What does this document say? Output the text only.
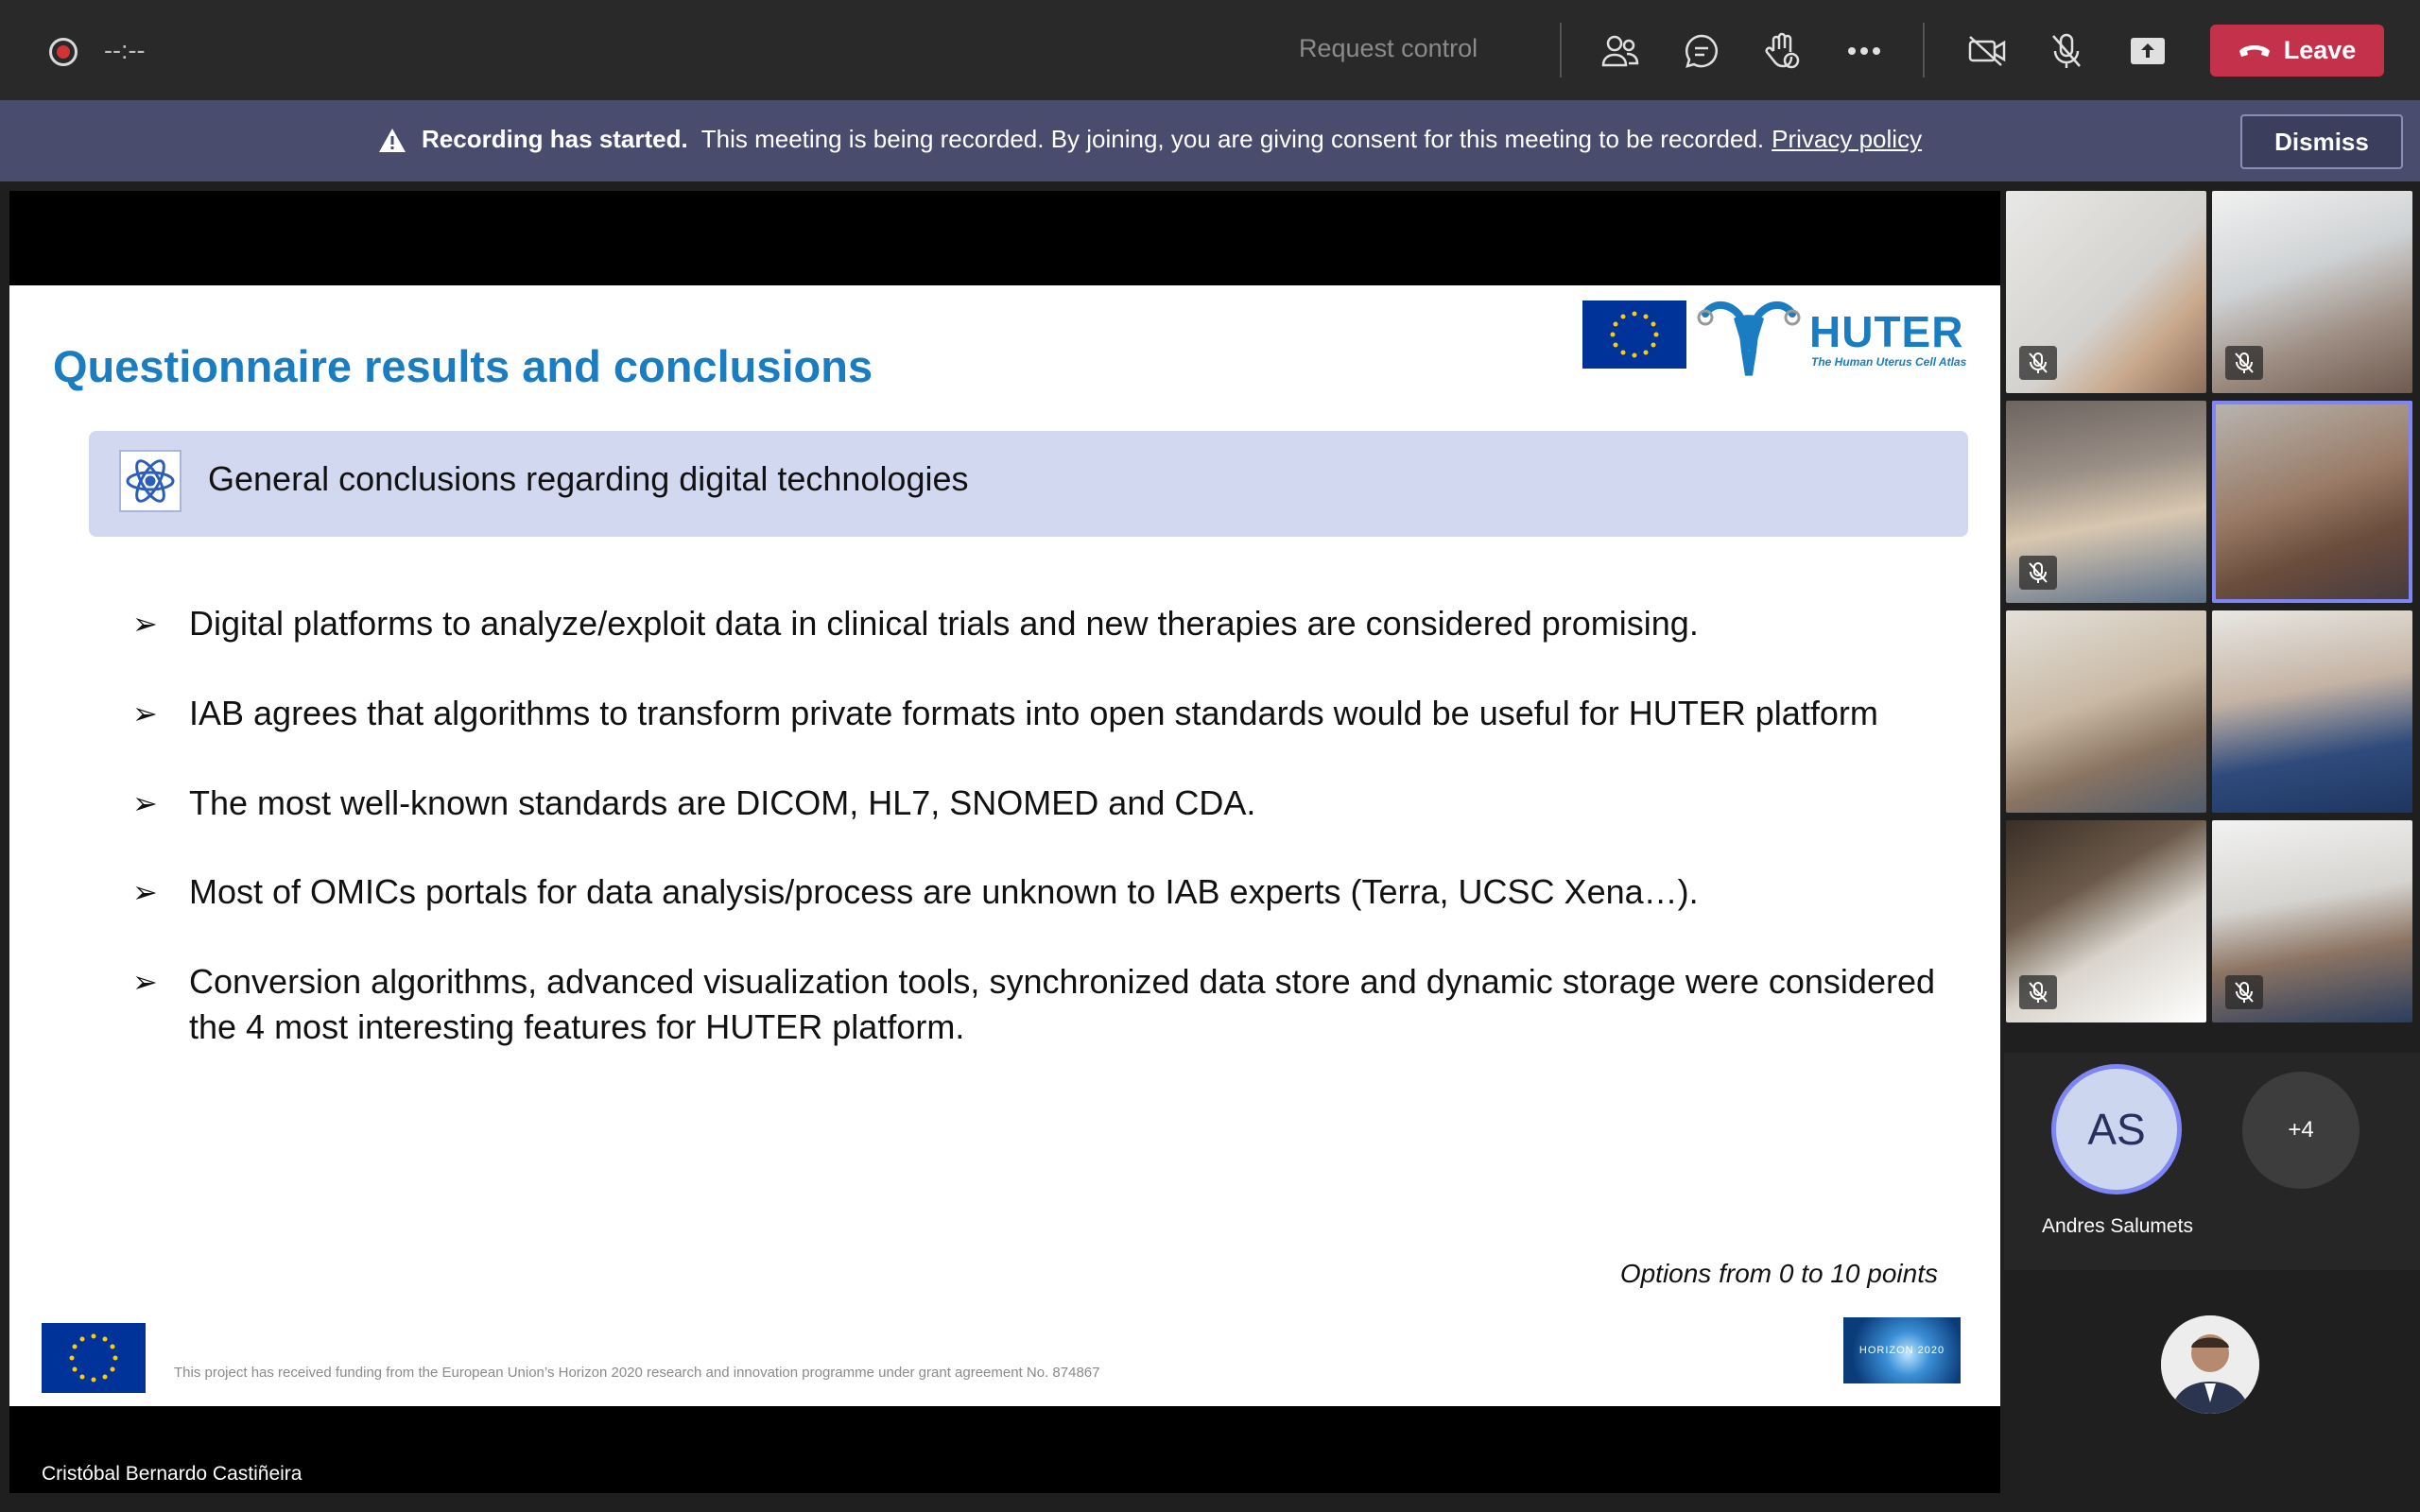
--:--	Request control	Leave
Recording has started. This meeting is being recorded. By joining, you are giving consent for this meeting to be recorded. Privacy policy	Dismiss
Questionnaire results and conclusions
HUTER
The Human Uterus Cell Atlas
General conclusions regarding digital technologies
➢ Digital platforms to analyze/exploit data in clinical trials and new therapies are considered promising.
➢ IAB agrees that algorithms to transform private formats into open standards would be useful for HUTER platform
➢ The most well-known standards are DICOM, HL7, SNOMED and CDA.
➢ Most of OMICs portals for data analysis/process are unknown to IAB experts (Terra, UCSC Xena…).
➢ Conversion algorithms, advanced visualization tools, synchronized data store and dynamic storage were considered the 4 most interesting features for HUTER platform.
Options from 0 to 10 points
This project has received funding from the European Union’s Horizon 2020 research and innovation programme under grant agreement No. 874867
HORIZON 2020
Cristóbal Bernardo Castiñeira
AS
Andres Salumets
+4
